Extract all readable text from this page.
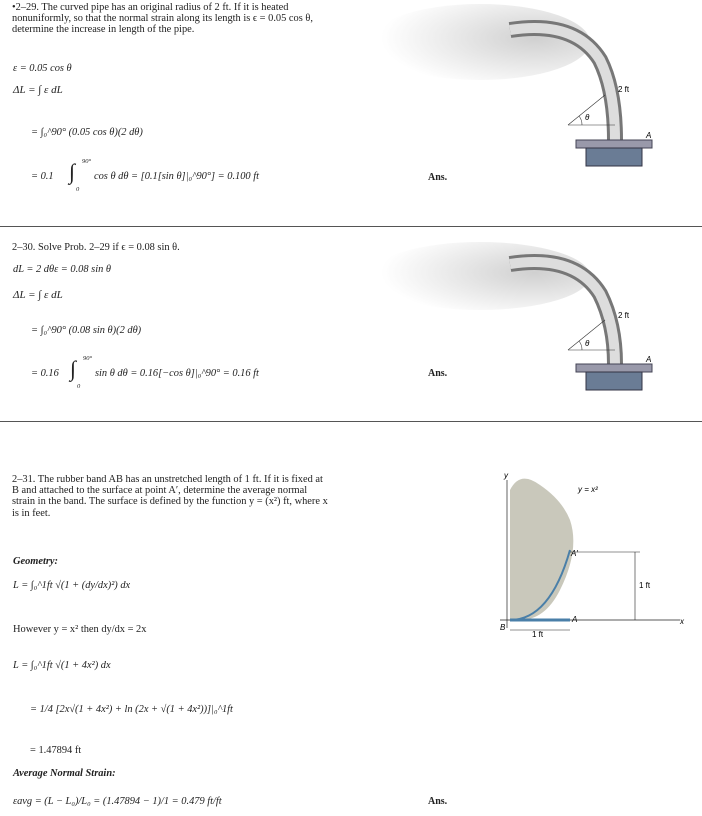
•2–29. The curved pipe has an original radius of 2 ft. If it is heated nonuniformly, so that the normal strain along its length is ϵ = 0.05 cos θ, determine the increase in length of the pipe.
ε = 0.05 cos θ
ΔL = ∫ ε dL
= ∫₀^90° (0.05 cos θ)(2 dθ)
= 0.1 ∫ 90°
0
cos θ dθ = [0.1[sin θ]|₀^90°] = 0.100 ft	Ans.
θ
2 ft
A
2–30. Solve Prob. 2–29 if ϵ = 0.08 sin θ.
dL = 2 dθε = 0.08 sin θ
ΔL = ∫ ε dL
= ∫₀^90° (0.08 sin θ)(2 dθ)
= 0.16 ∫ 90°
0
sin θ dθ = 0.16[−cos θ]|₀^90° = 0.16 ft	Ans.
θ
2 ft
A
2–31. The rubber band AB has an unstretched length of 1 ft. If it is fixed at B and attached to the surface at point A′, determine the average normal strain in the band. The surface is defined by the function y = (x²) ft, where x is in feet.
Geometry:
L = ∫₀^1ft √(1 + (dy/dx)²) dx
However y = x² then dy/dx = 2x
L = ∫₀^1ft √(1 + 4x²) dx
= 1/4 [2x√(1 + 4x²) + ln (2x + √(1 + 4x²))]|₀^1ft
= 1.47894 ft
Average Normal Strain:
εavg = (L − L₀)/L₀ = (1.47894 − 1)/1 = 0.479 ft/ft	Ans.
y
x
y = x²
A′
A
B
1 ft
1 ft
